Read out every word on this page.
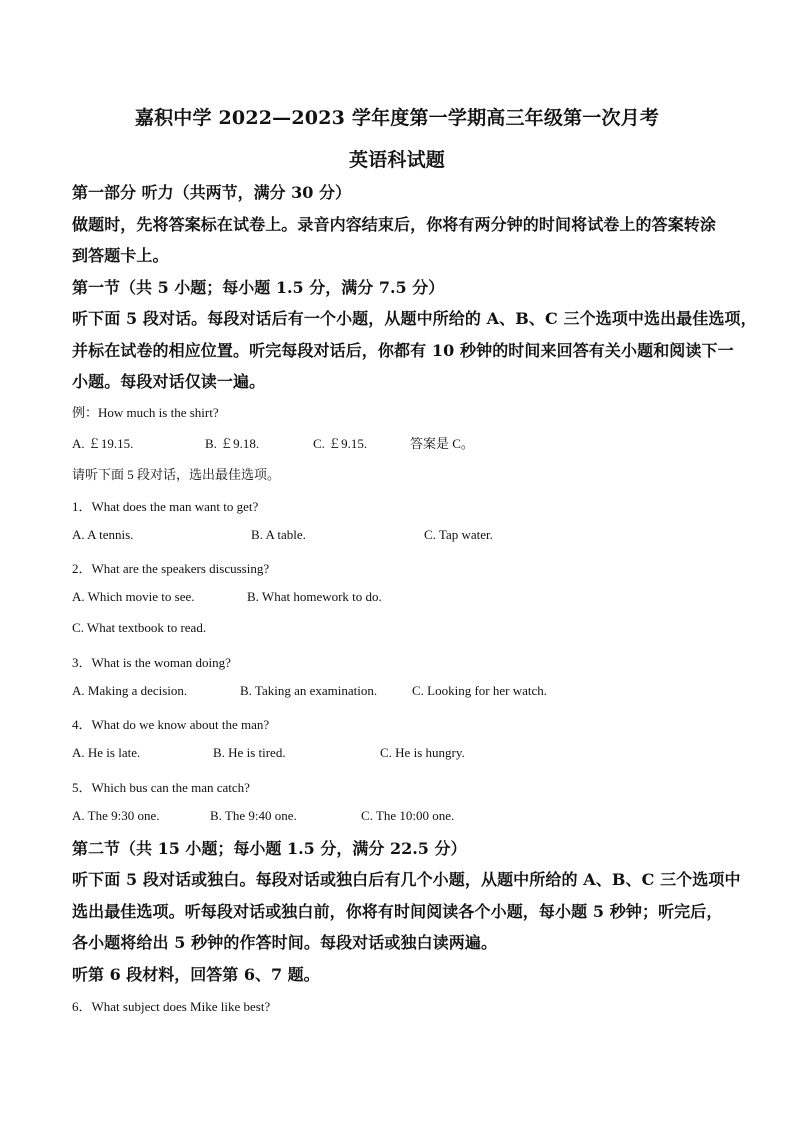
嘉积中学 2022—2023 学年度第一学期高三年级第一次月考
英语科试题
第一部分 听力（共两节，满分 30 分）
做题时，先将答案标在试卷上。录音内容结束后，你将有两分钟的时间将试卷上的答案转涂
到答题卡上。
第一节（共 5 小题；每小题 1.5 分，满分 7.5 分）
听下面 5 段对话。每段对话后有一个小题，从题中所给的 A、B、C 三个选项中选出最佳选项，
并标在试卷的相应位置。听完每段对话后，你都有 10 秒钟的时间来回答有关小题和阅读下一
小题。每段对话仅读一遍。
例：How much is the shirt?
A. ￡19.15.	B. ￡9.18.	C. ￡9.15.	答案是 C。
请听下面 5 段对话，选出最佳选项。
1．What does the man want to get?
A. A tennis.	B. A table.	C. Tap water.
2．What are the speakers discussing?
A. Which movie to see.	B. What homework to do.
C. What textbook to read.
3．What is the woman doing?
A. Making a decision.	B. Taking an examination.	C. Looking for her watch.
4．What do we know about the man?
A. He is late.	B. He is tired.	C. He is hungry.
5．Which bus can the man catch?
A. The 9:30 one.	B. The 9:40 one.	C. The 10:00 one.
第二节（共 15 小题；每小题 1.5 分，满分 22.5 分）
听下面 5 段对话或独白。每段对话或独白后有几个小题，从题中所给的 A、B、C 三个选项中
选出最佳选项。听每段对话或独白前，你将有时间阅读各个小题，每小题 5 秒钟；听完后，
各小题将给出 5 秒钟的作答时间。每段对话或独白读两遍。
听第 6 段材料，回答第 6、7 题。
6．What subject does Mike like best?
